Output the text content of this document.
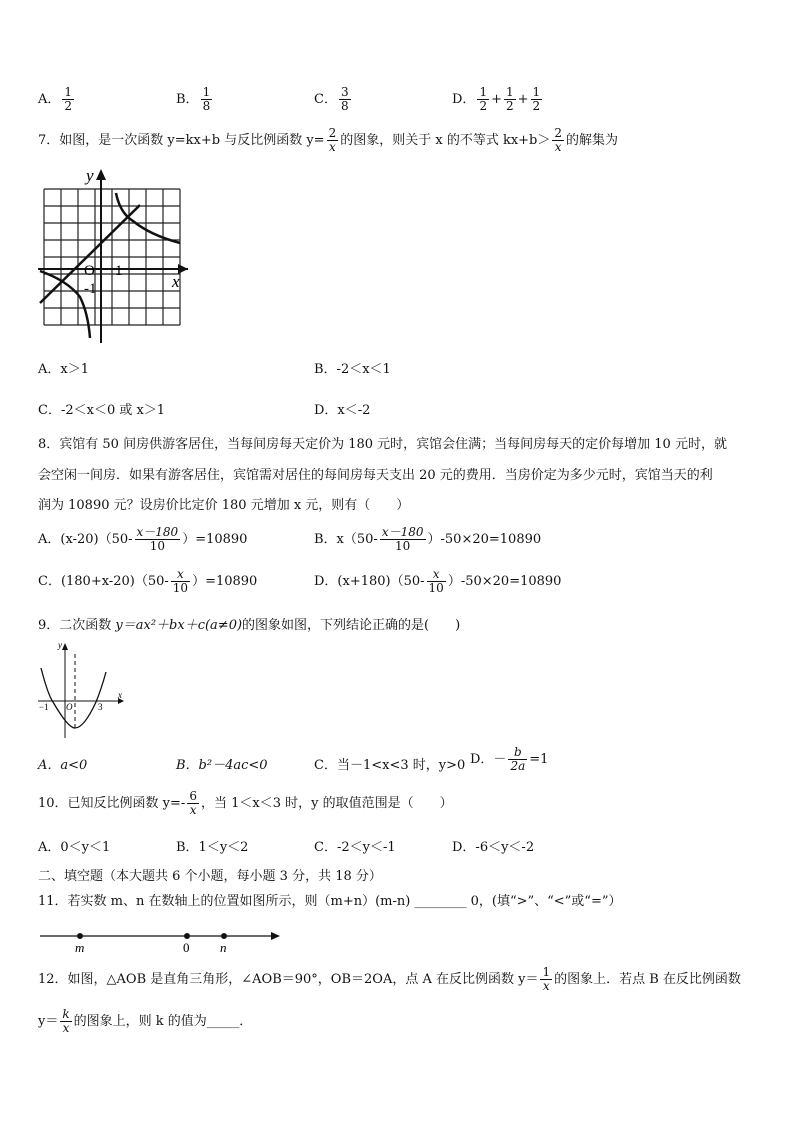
A． $\frac{1}{2}$	B． $\frac{1}{8}$	C． $\frac{3}{8}$	D． $\frac{1}{2} + \frac{1}{2} + \frac{1}{2}$
7．如图，是一次函数 y=kx+b 与反比例函数 $y= \frac{2}{x}$ 的图象，则关于 x 的不等式 $kx+b> \frac{2}{x}$ 的解集为
y
x
O 1
-1
A．x＞1	B．-2＜x＜1
C．-2＜x＜0 或 x＞1	D．x＜-2
8．宾馆有 50 间房供游客居住，当每间房每天定价为 180 元时，宾馆会住满；当每间房每天的定价每增加 10 元时，就
会空闲一间房．如果有游客居住，宾馆需对居住的每间房每天支出 20 元的费用．当房价定为多少元时，宾馆当天的利
润为 10890 元？设房价比定价 180 元增加 x 元，则有（　　）
A．$(x-20)(50- \frac{x-180}{10} )=10890$	B．$x(50- \frac{x-180}{10} )-50\times 20=10890$
C．$(180+x-20)(50- \frac{x}{10} )=10890$	D．$(x+180)(50- \frac{x}{10} )-50\times 20=10890$
9．二次函数 y＝ax²＋bx＋c(a≠0)的图象如图，下列结论正确的是(　　)
y
x
−1 O	3
A．a<0	B．b²－4ac<0	C．当－1<x<3 时，y>0 D．－ $\frac{b}{2a} =1$
10．已知反比例函数 $y=- \frac{6}{x}$ ，当 1＜x＜3 时，y 的取值范围是（　　）
A．0＜y＜1	B．1＜y＜2	C．-2＜y＜-1	D．-6＜y＜-2
二、填空题（本大题共 6 个小题，每小题 3 分，共 18 分）
11．若实数 m、n 在数轴上的位置如图所示，则（m+n）(m-n) ________ 0，(填“>”、“<”或“=”）
m	0 n
12．如图，△AOB 是直角三角形，∠AOB＝90°，OB＝2OA，点 A 在反比例函数 $y= \frac{1}{x}$ 的图象上．若点 B 在反比例函数
$y= \frac{k}{x}$ 的图象上，则 k 的值为_____．
